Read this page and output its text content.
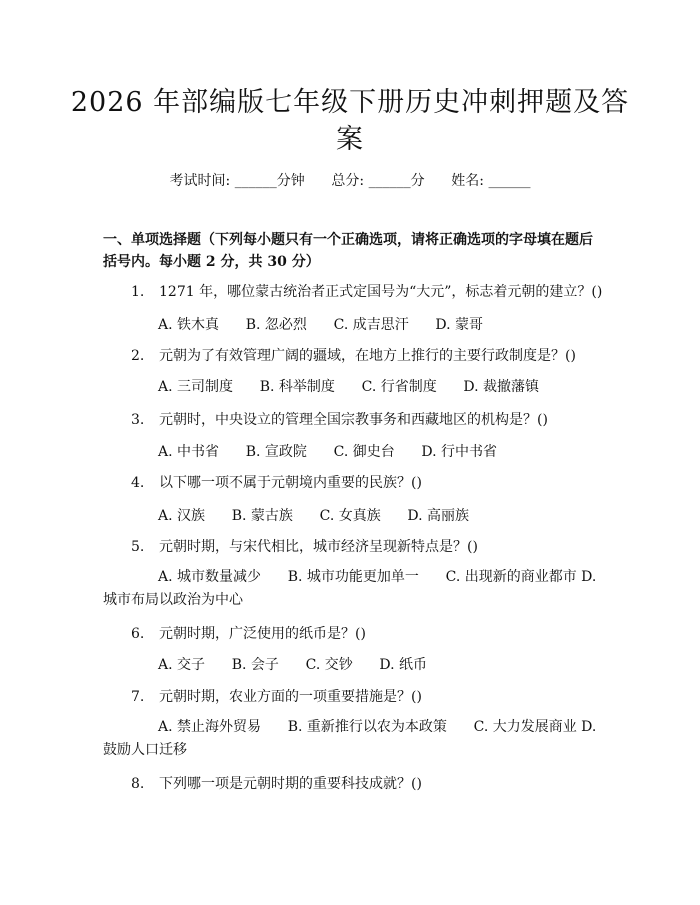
2026 年部编版七年级下册历史冲刺押题及答
案
考试时间: ______分钟      总分: ______分      姓名: ______
一、单项选择题（下列每小题只有一个正确选项，请将正确选项的字母填在题后括号内。每小题 2 分，共 30 分）
1. 1271 年，哪位蒙古统治者正式定国号为“大元”，标志着元朝的建立？()
A. 铁木真      B. 忽必烈      C. 成吉思汗      D. 蒙哥
2. 元朝为了有效管理广阔的疆域，在地方上推行的主要行政制度是？()
A. 三司制度      B. 科举制度      C. 行省制度      D. 裁撤藩镇
3. 元朝时，中央设立的管理全国宗教事务和西藏地区的机构是？()
A. 中书省      B. 宣政院      C. 御史台      D. 行中书省
4. 以下哪一项不属于元朝境内重要的民族？()
A. 汉族      B. 蒙古族      C. 女真族      D. 高丽族
5. 元朝时期，与宋代相比，城市经济呈现新特点是？()
A. 城市数量减少      B. 城市功能更加单一      C. 出现新的商业都市 D. 城市布局以政治为中心
6. 元朝时期，广泛使用的纸币是？()
A. 交子      B. 会子      C. 交钞      D. 纸币
7. 元朝时期，农业方面的一项重要措施是？()
A. 禁止海外贸易      B. 重新推行以农为本政策      C. 大力发展商业 D. 鼓励人口迁移
8. 下列哪一项是元朝时期的重要科技成就？()
